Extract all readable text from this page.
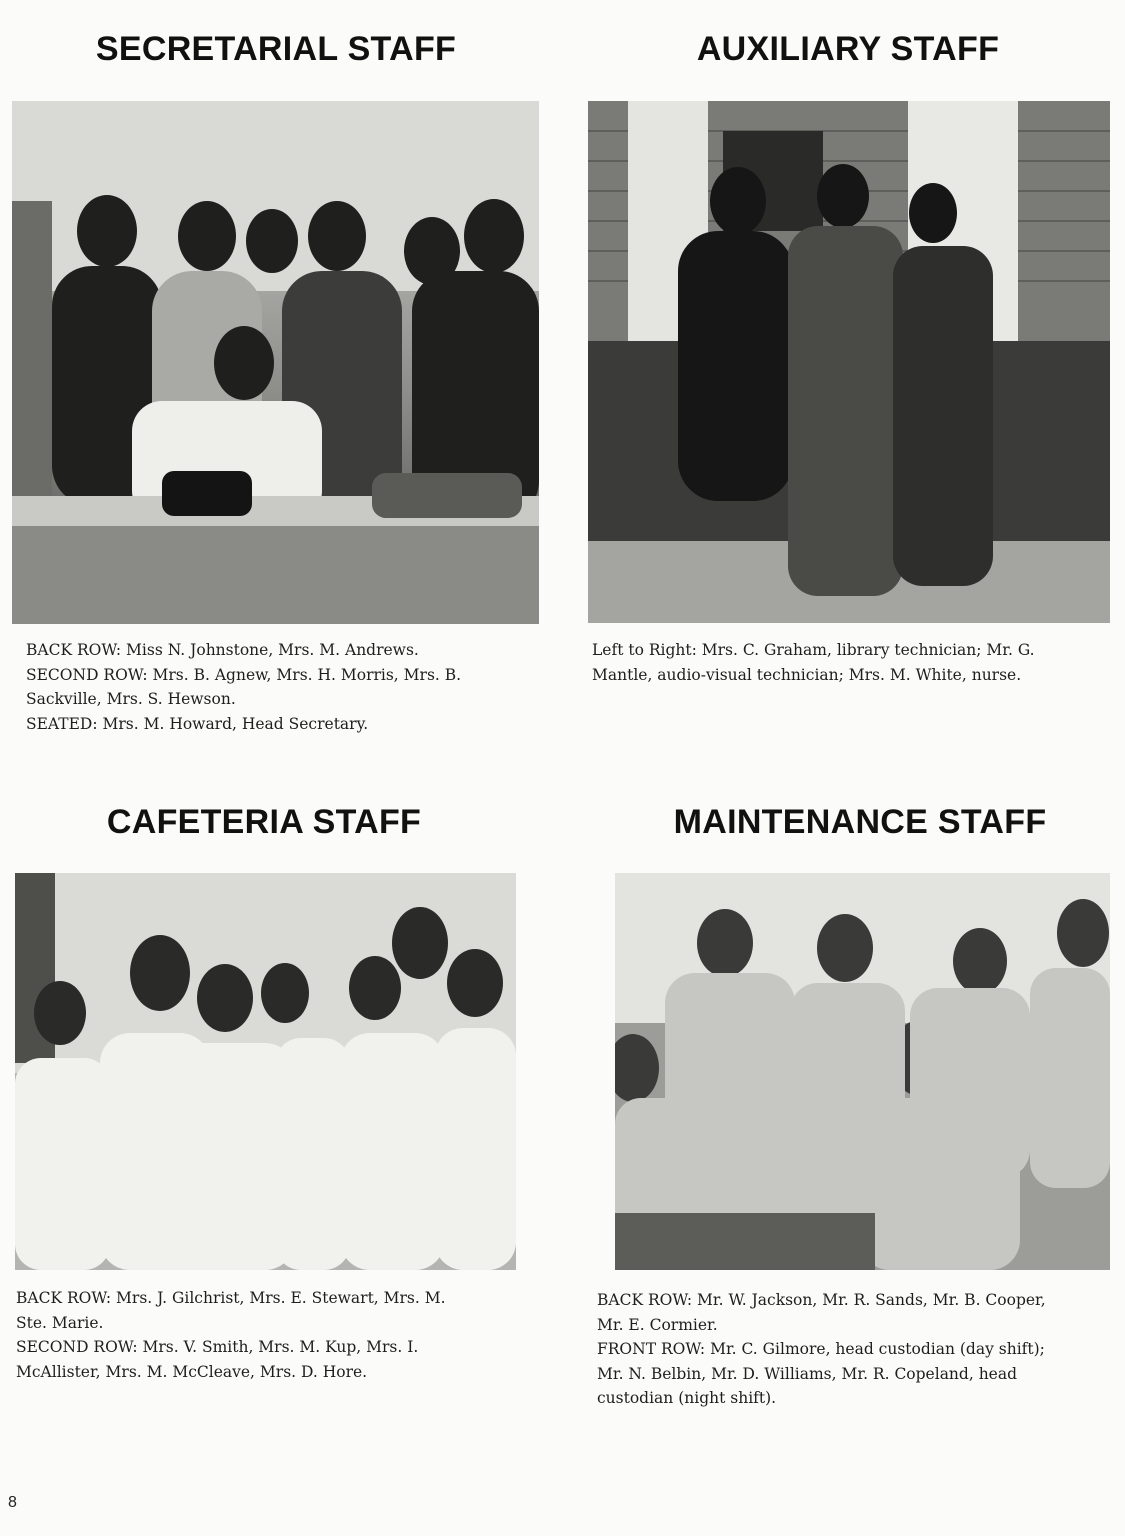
SECRETARIAL STAFF
BACK ROW: Miss N. Johnstone, Mrs. M. Andrews.
SECOND ROW: Mrs. B. Agnew, Mrs. H. Morris, Mrs. B.
Sackville, Mrs. S. Hewson.
SEATED: Mrs. M. Howard, Head Secretary.
AUXILIARY STAFF
Left to Right: Mrs. C. Graham, library technician; Mr. G.
Mantle, audio-visual technician; Mrs. M. White, nurse.
CAFETERIA STAFF
BACK ROW: Mrs. J. Gilchrist, Mrs. E. Stewart, Mrs. M.
Ste. Marie.
SECOND ROW: Mrs. V. Smith, Mrs. M. Kup, Mrs. I.
McAllister, Mrs. M. McCleave, Mrs. D. Hore.
MAINTENANCE STAFF
BACK ROW: Mr. W. Jackson, Mr. R. Sands, Mr. B. Cooper,
Mr. E. Cormier.
FRONT ROW: Mr. C. Gilmore, head custodian (day shift);
Mr. N. Belbin, Mr. D. Williams, Mr. R. Copeland, head
custodian (night shift).
8
